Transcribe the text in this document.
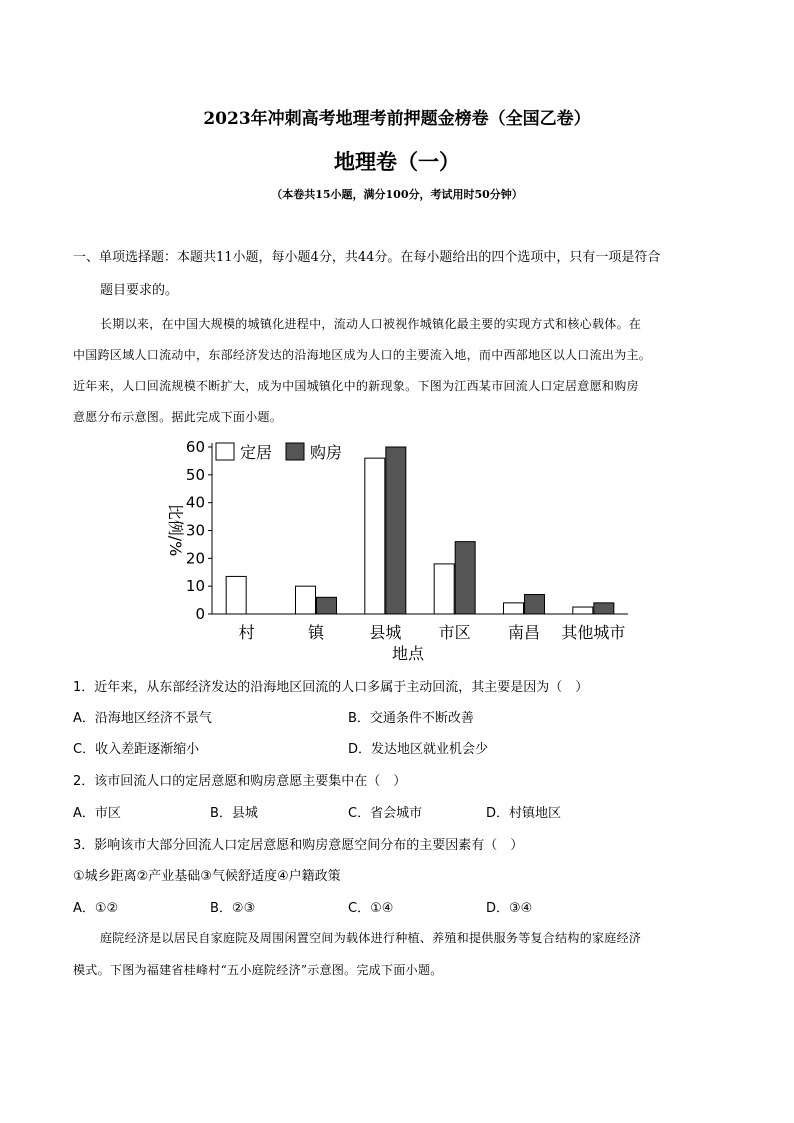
2023年冲刺高考地理考前押题金榜卷（全国乙卷）
地理卷（一）
（本卷共15小题，满分100分，考试用时50分钟）
一、单项选择题：本题共11小题，每小题4分，共44分。在每小题给出的四个选项中，只有一项是符合
题目要求的。
长期以来，在中国大规模的城镇化进程中，流动人口被视作城镇化最主要的实现方式和核心载体。在
中国跨区域人口流动中，东部经济发达的沿海地区成为人口的主要流入地，而中西部地区以人口流出为主。
近年来，人口回流规模不断扩大，成为中国城镇化中的新现象。下图为江西某市回流人口定居意愿和购房
意愿分布示意图。据此完成下面小题。
0
10
20
30
40
50
60
比例/%
村	镇	县城 市区 南昌 其他城市
地点
定居 购房
1．近年来，从东部经济发达的沿海地区回流的人口多属于主动回流，其主要是因为（　）
A．沿海地区经济不景气	B．交通条件不断改善
C．收入差距逐渐缩小	D．发达地区就业机会少
2．该市回流人口的定居意愿和购房意愿主要集中在（　）
A．市区	B．县城	C．省会城市	D．村镇地区
3．影响该市大部分回流人口定居意愿和购房意愿空间分布的主要因素有（　）
①城乡距离②产业基础③气候舒适度④户籍政策
A．①②	B．②③	C．①④	D．③④
庭院经济是以居民自家庭院及周围闲置空间为载体进行种植、养殖和提供服务等复合结构的家庭经济
模式。下图为福建省桂峰村“五小庭院经济”示意图。完成下面小题。
